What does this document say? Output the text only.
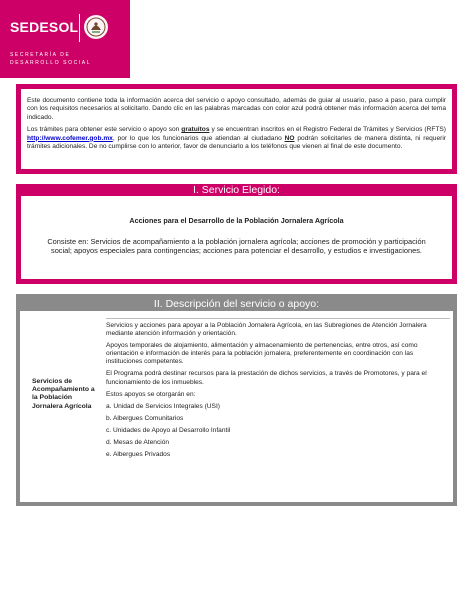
SEDESOL
SECRETARÍA DE
DESARROLLO SOCIAL

Este documento contiene toda la información acerca del servicio o apoyo consultado, además de guiar al usuario, paso a paso, para cumplir con los requisitos necesarios al solicitarlo. Dando clic en las palabras marcadas con color azul podrá obtener más información acerca del tema indicado.

Los trámites para obtener este servicio o apoyo son gratuitos y se encuentran inscritos en el Registro Federal de Trámites y Servicios (RFTS) http://www.cofemer.gob.mx, por lo que los funcionarios que atiendan al ciudadano NO podrán solicitarles de manera distinta, ni requerir trámites adicionales. De no cumplirse con lo anterior, favor de denunciarlo a los teléfonos que vienen al final de este documento.

I. Servicio Elegido:
Acciones para el Desarrollo de la Población Jornalera Agrícola
Consiste en: Servicios de acompañamiento a la población jornalera agrícola; acciones de promoción y participación social; apoyos especiales para contingencias; acciones para potenciar el desarrollo, y estudios e investigaciones.
II. Descripción del servicio o apoyo:
Servicios de Acompañamiento a la Población Jornalera Agrícola

Servicios y acciones para apoyar a la Población Jornalera Agrícola, en las Subregiones de Atención Jornalera mediante atención información y orientación.

Apoyos temporales de alojamiento, alimentación y almacenamiento de pertenencias, entre otros, así como orientación e información de interés para la población jornalera, preferentemente en coordinación con las instituciones competentes.

El Programa podrá destinar recursos para la prestación de dichos servicios, a través de Promotores, y para el funcionamiento de los inmuebles.

Estos apoyos se otorgarán en:

a. Unidad de Servicios Integrales (USI)

b. Albergues Comunitarios

c. Unidades de Apoyo al Desarrollo Infantil

d. Mesas de Atención

e. Albergues Privados
